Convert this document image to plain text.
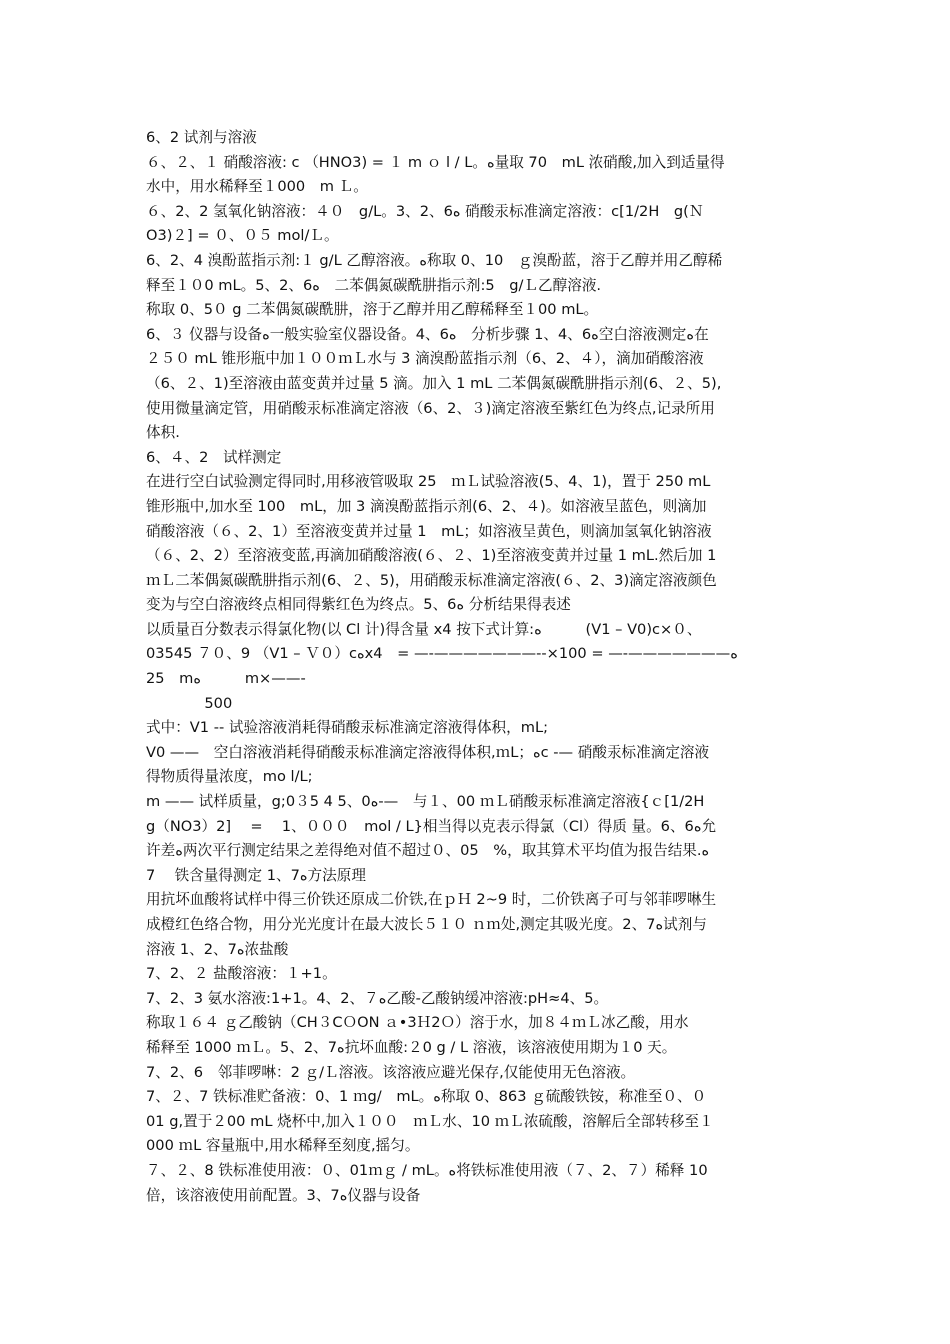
6、2 试剂与溶液
６、２、１ 硝酸溶液: c （HNO3) = １ m ｏ l / L。ﻩ量取 70　mL 浓硝酸,加入到适量得
水中，用水稀释至１000　m Ｌ。
６、2、2 氢氧化钠溶液：４０　g/L。3、2、6ﻩ 硝酸汞标准滴定溶液：c[1/2H　g(Ｎ
O3)２] = ０、０５ mol/Ｌ。
6、2、4 溴酚蓝指示剂:１ g/L 乙醇溶液。ﻩ称取 0、10　ｇ溴酚蓝，溶于乙醇并用乙醇稀
释至１０0 mL。5、2、6ﻩ　二苯偶氮碳酰肼指示剂:5　g/Ｌ乙醇溶液.
称取 0、5０ g 二苯偶氮碳酰肼，溶于乙醇并用乙醇稀释至１00 mL。
6、３ 仪器与设备ﻩ一般实验室仪器设备。4、6ﻩ　分析步骤 1、4、6ﻩ空白溶液测定ﻩ在
２５０ mL 锥形瓶中加１００ｍＬ水与 3 滴溴酚蓝指示剂（6、2、４），滴加硝酸溶液
（6、２、1)至溶液由蓝变黄并过量 5 滴。加入 1 mL 二苯偶氮碳酰肼指示剂(6、２、5),
使用微量滴定管，用硝酸汞标准滴定溶液（6、2、３)滴定溶液至紫红色为终点,记录所用
体积.
6、４、2　试样测定
在进行空白试验测定得同时,用移液管吸取 25　ｍＬ试验溶液(5、4、1)，置于 250 mL
锥形瓶中,加水至 100　mL，加 3 滴溴酚蓝指示剂(6、2、４)。如溶液呈蓝色，则滴加
硝酸溶液（６、2、1）至溶液变黄并过量 1　mL；如溶液呈黄色，则滴加氢氧化钠溶液
（６、2、2）至溶液变蓝,再滴加硝酸溶液(６、２、1)至溶液变黄并过量 1 mL.然后加 1
ｍＬ二苯偶氮碳酰肼指示剂(6、２、5)，用硝酸汞标准滴定溶液(６、2、3)滴定溶液颜色
变为与空白溶液终点相同得紫红色为终点。5、6ﻩ 分析结果得表述
以质量百分数表示得氯化物(以 Cl 计)得含量 x4 按下式计算:ﻩ　　　(V1 – V0)c×０、
03545 ７０、9 （V1 – Ｖ０）cﻩx4　= —-———————--×100 = —-———————ﻩ
25　mﻩ　　　m×——-
　　　　500
式中：V1 -- 试验溶液消耗得硝酸汞标准滴定溶液得体积，mL;
V0 ——　空白溶液消耗得硝酸汞标准滴定溶液得体积,ｍL；ﻩc -— 硝酸汞标准滴定溶液
得物质得量浓度，mo l/L;
m —— 试样质量，g;0３5 4 5、0ﻩ-—　与１、00 ｍＬ硝酸汞标准滴定溶液{ｃ[1/2H
g（NO3）2]　 = 　1、０００　mol / L}相当得以克表示得氯（Cl）得质 量。6、6ﻩ允
许差ﻩ两次平行测定结果之差得绝对值不超过０、05　%，取其算术平均值为报告结果.ﻩ
7　 铁含量得测定 1、7ﻩ方法原理
用抗坏血酸将试样中得三价铁还原成二价铁,在ｐＨ 2~9 时，二价铁离子可与邻菲啰啉生
成橙红色络合物，用分光光度计在最大波长５１０ ｎｍ处,测定其吸光度。2、7ﻩ试剂与
溶液 1、2、7ﻩ浓盐酸
7、2、２ 盐酸溶液：１+1。
7、2、3 氨水溶液:1+1。4、2、７ﻩ乙酸-乙酸钠缓冲溶液:pH≈4、5。
称取１６４ ｇ乙酸钠（CH３CＯON ａ•3Ｈ2Ｏ）溶于水，加８４ｍＬ冰乙酸，用水
稀释至 1000 ｍＬ。5、2、7ﻩ抗坏血酸:２0 g / L 溶液，该溶液使用期为１0 天。
7、2、6　邻菲啰啉：2 ｇ/Ｌ溶液。该溶液应避光保存,仅能使用无色溶液。
7、２、7 铁标准贮备液：0、1 ｍg/　mL。ﻩ称取 0、863 ｇ硫酸铁铵，称准至０、０
01 g,置于２00 mL 烧杯中,加入１００　ｍＬ水、10 ｍＬ浓硫酸，溶解后全部转移至１
000 ｍL 容量瓶中,用水稀释至刻度,摇匀。
７、２、8 铁标准使用液：０、01ｍｇ / mL。ﻩ将铁标准使用液（７、2、７）稀释 10
倍，该溶液使用前配置。3、7ﻩ仪器与设备
